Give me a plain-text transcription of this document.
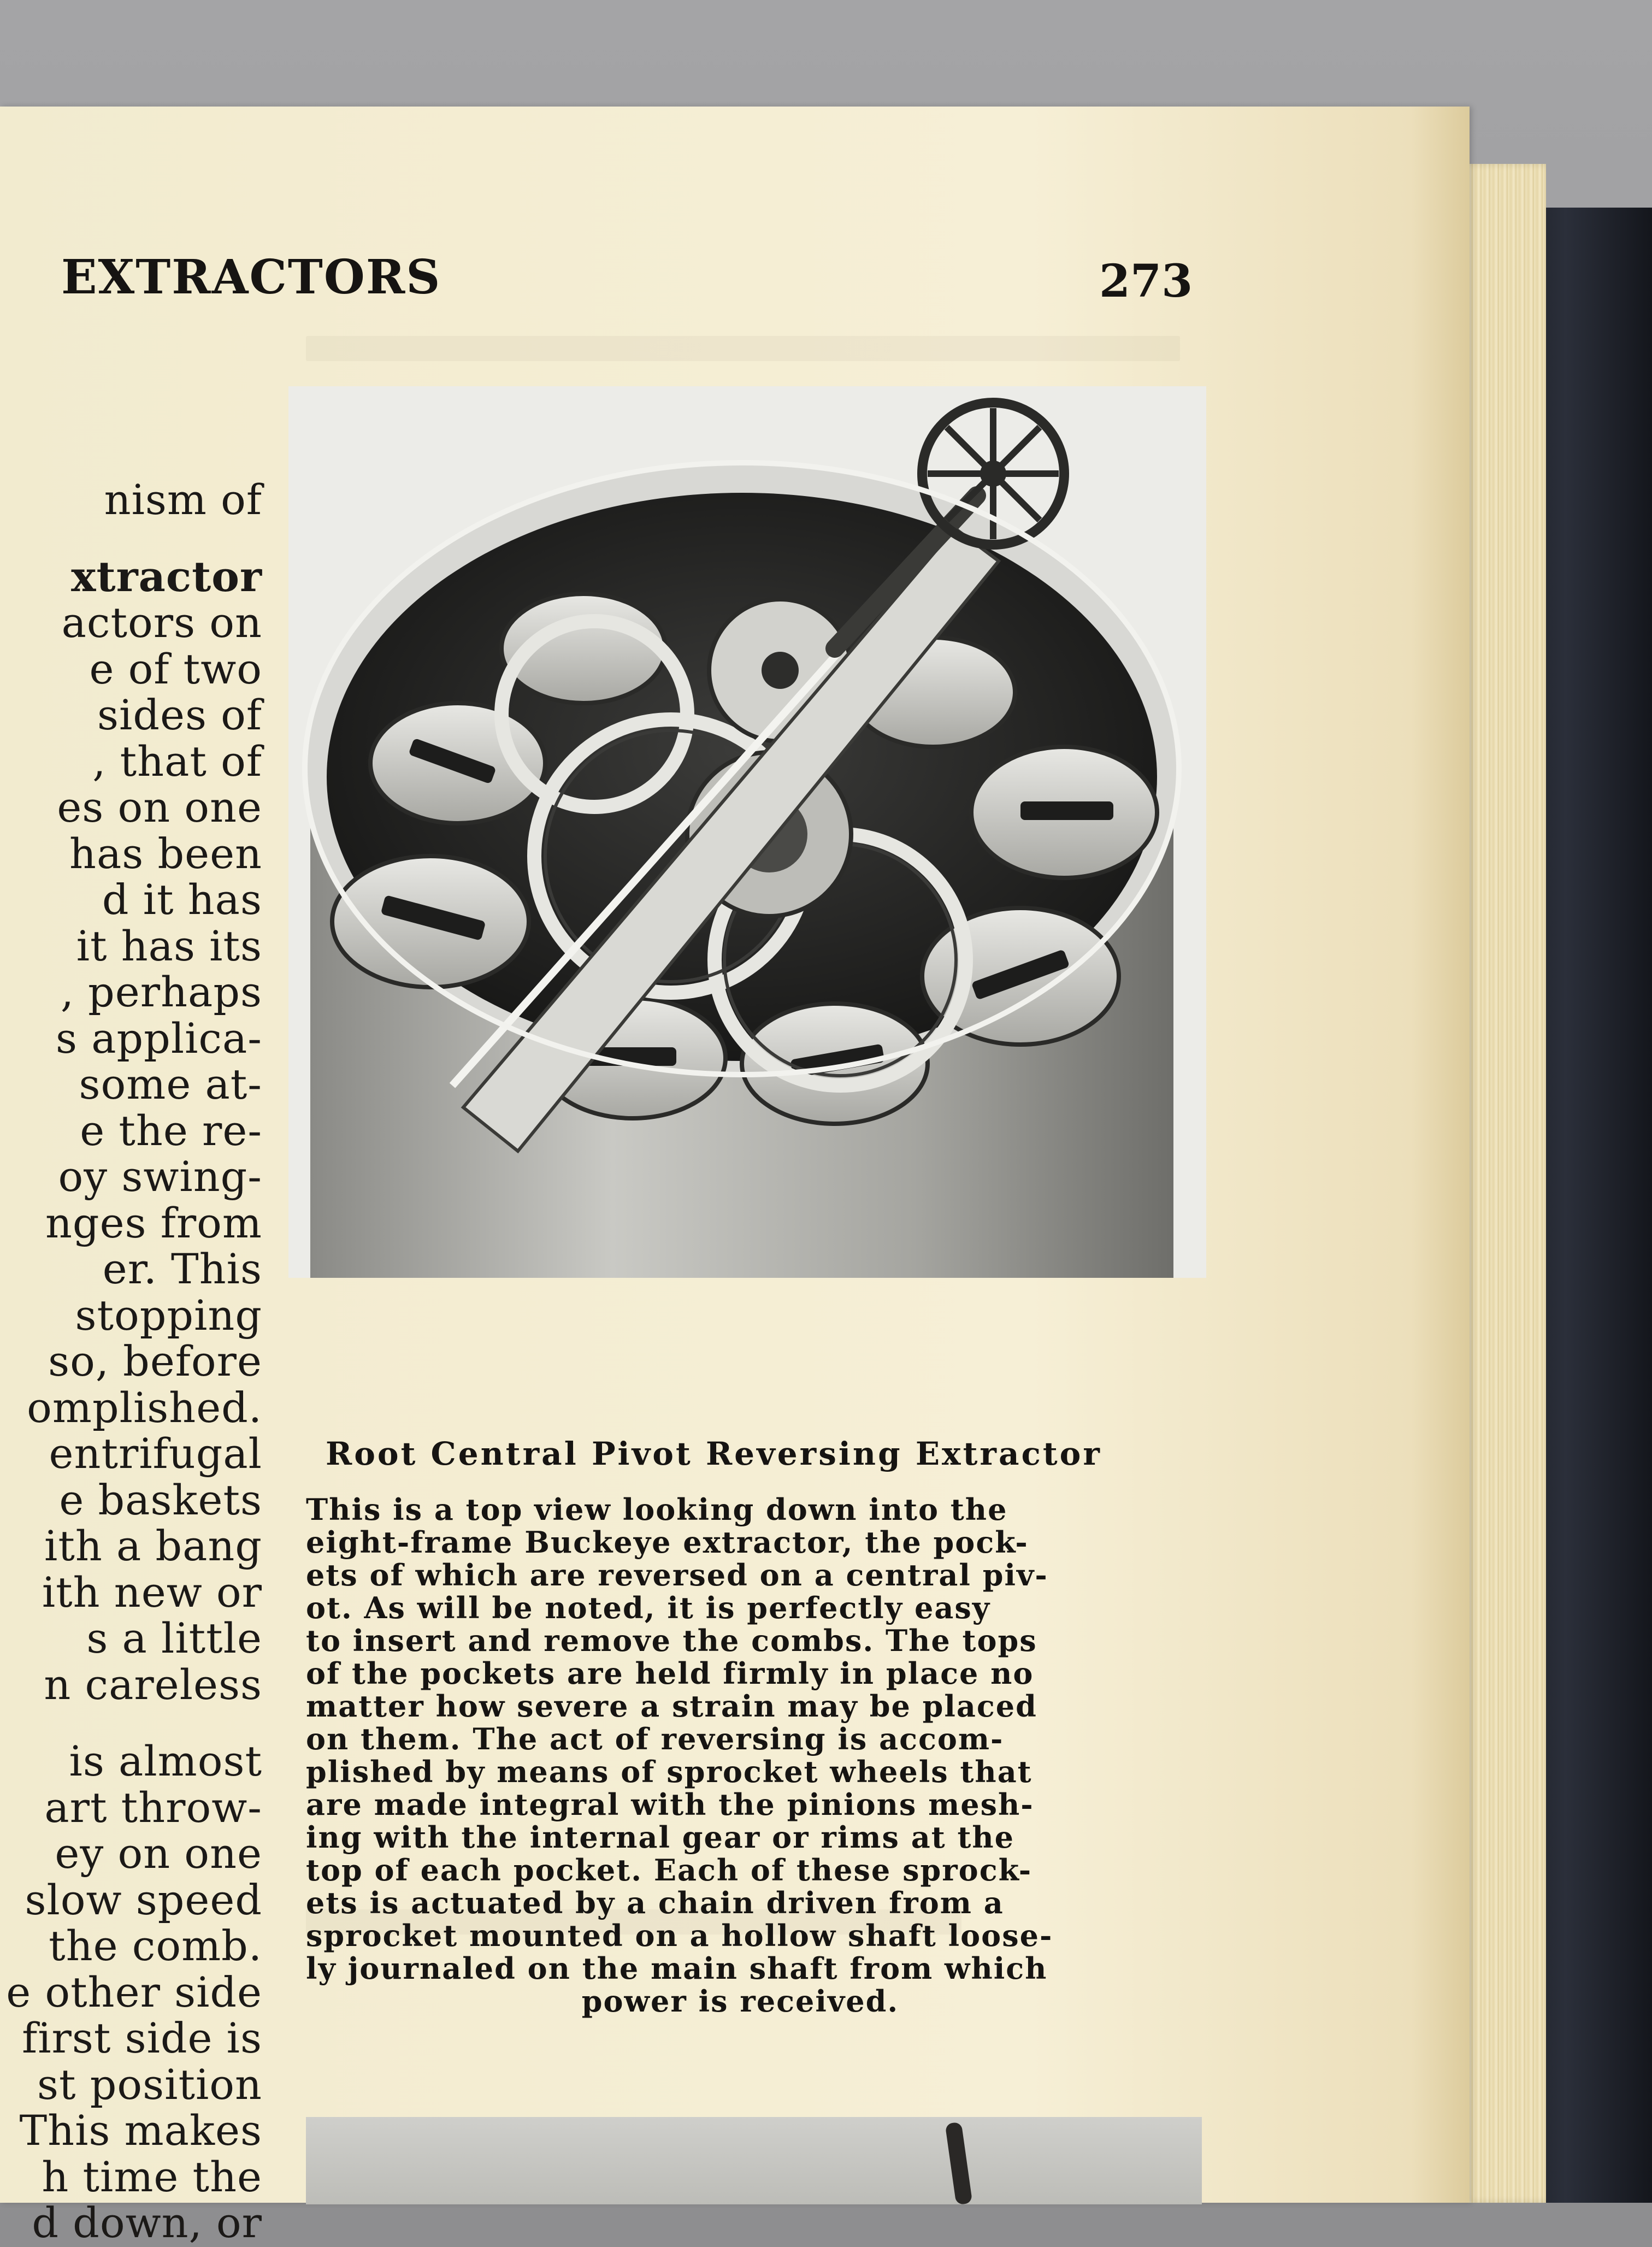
EXTRACTORS	273
nism of
xtractor
actors on
e of two
sides of
, that of
es on one
has been
d it has
it has its
, perhaps
s applica-
some at-
e the re-
oy swing-
nges from
er. This
stopping
so, before
omplished.
entrifugal
e baskets
ith a bang
ith new or
s a little
n careless
is almost
art throw-
ey on one
slow speed
the comb.
e other side
first side is
st position
This makes
h time the
d down, or
Root Central Pivot Reversing Extractor
This is a top view looking down into the
eight-frame Buckeye extractor, the pock-
ets of which are reversed on a central piv-
ot. As will be noted, it is perfectly easy
to insert and remove the combs. The tops
of the pockets are held firmly in place no
matter how severe a strain may be placed
on them. The act of reversing is accom-
plished by means of sprocket wheels that
are made integral with the pinions mesh-
ing with the internal gear or rims at the
top of each pocket. Each of these sprock-
ets is actuated by a chain driven from a
sprocket mounted on a hollow shaft loose-
ly journaled on the main shaft from which
power is received.
